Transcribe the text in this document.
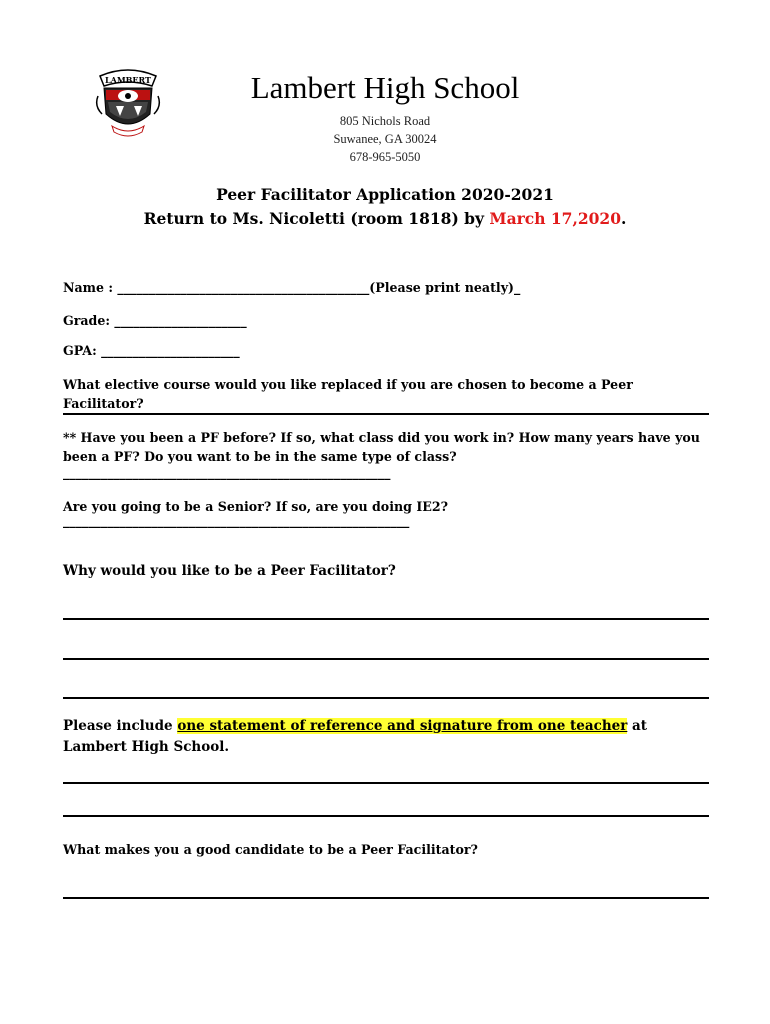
LAMBERT	Lambert High School
805 Nichols Road
Suwanee, GA 30024
678-965-5050
Peer Facilitator Application 2020-2021
Return to Ms. Nicoletti (room 1818) by March 17,2020.
Name : ________________________________________(Please print neatly)_
Grade: _____________________
GPA: ______________________
What elective course would you like replaced if you are chosen to become a Peer Facilitator?
** Have you been a PF before? If so, what class did you work in? How many years have you been a PF? Do you want to be in the same type of class?
____________________________________________________
Are you going to be a Senior? If so, are you doing IE2?
_______________________________________________________
Why would you like to be a Peer Facilitator?
Please include one statement of reference and signature from one teacher at Lambert High School.
What makes you a good candidate to be a Peer Facilitator?
